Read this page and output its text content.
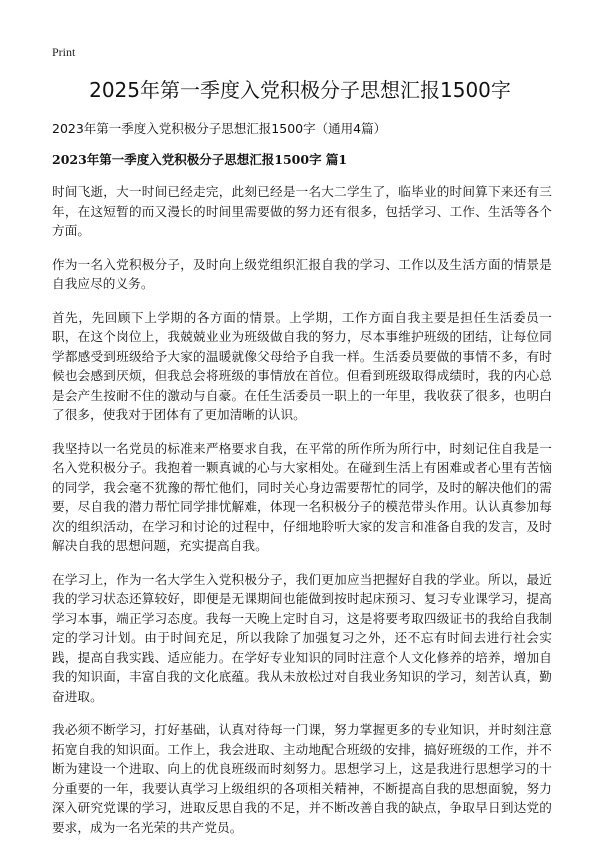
Print
2025年第一季度入党积极分子思想汇报1500字
2023年第一季度入党积极分子思想汇报1500字（通用4篇）
2023年第一季度入党积极分子思想汇报1500字 篇1

时间飞逝，大一时间已经走完，此刻已经是一名大二学生了，临毕业的时间算下来还有三年，在这短暂的而又漫长的时间里需要做的努力还有很多，包括学习、工作、生活等各个方面。

作为一名入党积极分子，及时向上级党组织汇报自我的学习、工作以及生活方面的情景是自我应尽的义务。

首先，先回顾下上学期的各方面的情景。上学期，工作方面自我主要是担任生活委员一职，在这个岗位上，我兢兢业业为班级做自我的努力，尽本事维护班级的团结，让每位同学都感受到班级给予大家的温暖就像父母给予自我一样。生活委员要做的事情不多，有时候也会感到厌烦，但我总会将班级的事情放在首位。但看到班级取得成绩时，我的内心总是会产生按耐不住的激动与自豪。在任生活委员一职上的一年里，我收获了很多，也明白了很多，使我对于团体有了更加清晰的认识。

我坚持以一名党员的标准来严格要求自我，在平常的所作所为所行中，时刻记住自我是一名入党积极分子。我抱着一颗真诚的心与大家相处。在碰到生活上有困难或者心里有苦恼的同学，我会毫不犹豫的帮忙他们，同时关心身边需要帮忙的同学，及时的解决他们的需要，尽自我的潜力帮忙同学排忧解难，体现一名积极分子的模范带头作用。认认真参加每次的组织活动，在学习和讨论的过程中，仔细地聆听大家的发言和准备自我的发言，及时解决自我的思想问题，充实提高自我。

在学习上，作为一名大学生入党积极分子，我们更加应当把握好自我的学业。所以，最近我的学习状态还算较好，即便是无课期间也能做到按时起床预习、复习专业课学习，提高学习本事，端正学习态度。我每一天晚上定时自习，这是将要考取四级证书的我给自我制定的学习计划。由于时间充足，所以我除了加强复习之外，还不忘有时间去进行社会实践，提高自我实践、适应能力。在学好专业知识的同时注意个人文化修养的培养，增加自我的知识面，丰富自我的文化底蕴。我从未放松过对自我业务知识的学习，刻苦认真，勤奋进取。

我必须不断学习，打好基础，认真对待每一门课，努力掌握更多的专业知识，并时刻注意拓宽自我的知识面。工作上，我会进取、主动地配合班级的安排，搞好班级的工作，并不断为建设一个进取、向上的优良班级而时刻努力。思想学习上，这是我进行思想学习的十分重要的一年，我要认真学习上级组织的各项相关精神，不断提高自我的思想面貌，努力深入研究党课的学习，进取反思自我的不足，并不断改善自我的缺点，争取早日到达党的要求，成为一名光荣的共产党员。
